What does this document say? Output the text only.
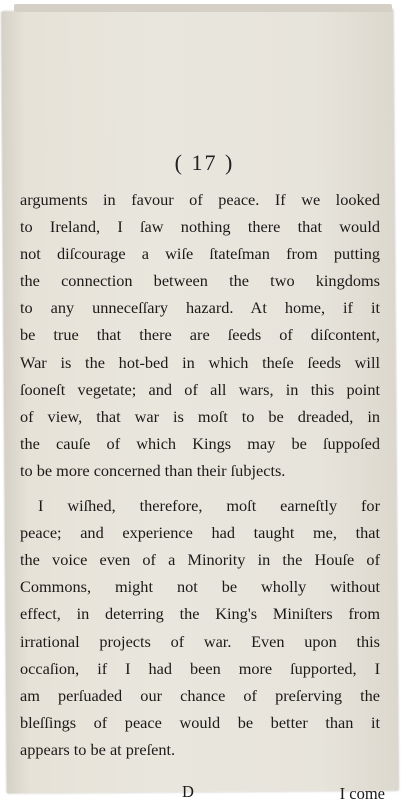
( 17 )
arguments in favour of peace. If we looked
to Ireland, I ſaw nothing there that would
not diſcourage a wiſe ſtateſman from putting
the connection between the two kingdoms
to any unneceſſary hazard. At home, if it
be true that there are ſeeds of diſcontent,
War is the hot-bed in which theſe ſeeds will
ſooneſt vegetate; and of all wars, in this point
of view, that war is moſt to be dreaded, in
the cauſe of which Kings may be ſuppoſed
to be more concerned than their ſubjects.
I wiſhed, therefore, moſt earneſtly for
peace; and experience had taught me, that
the voice even of a Minority in the Houſe of
Commons, might not be wholly without
effect, in deterring the King's Miniſters from
irrational projects of war. Even upon this
occaſion, if I had been more ſupported, I
am perſuaded our chance of preſerving the
bleſſings of peace would be better than it
appears to be at preſent.
D	I come
